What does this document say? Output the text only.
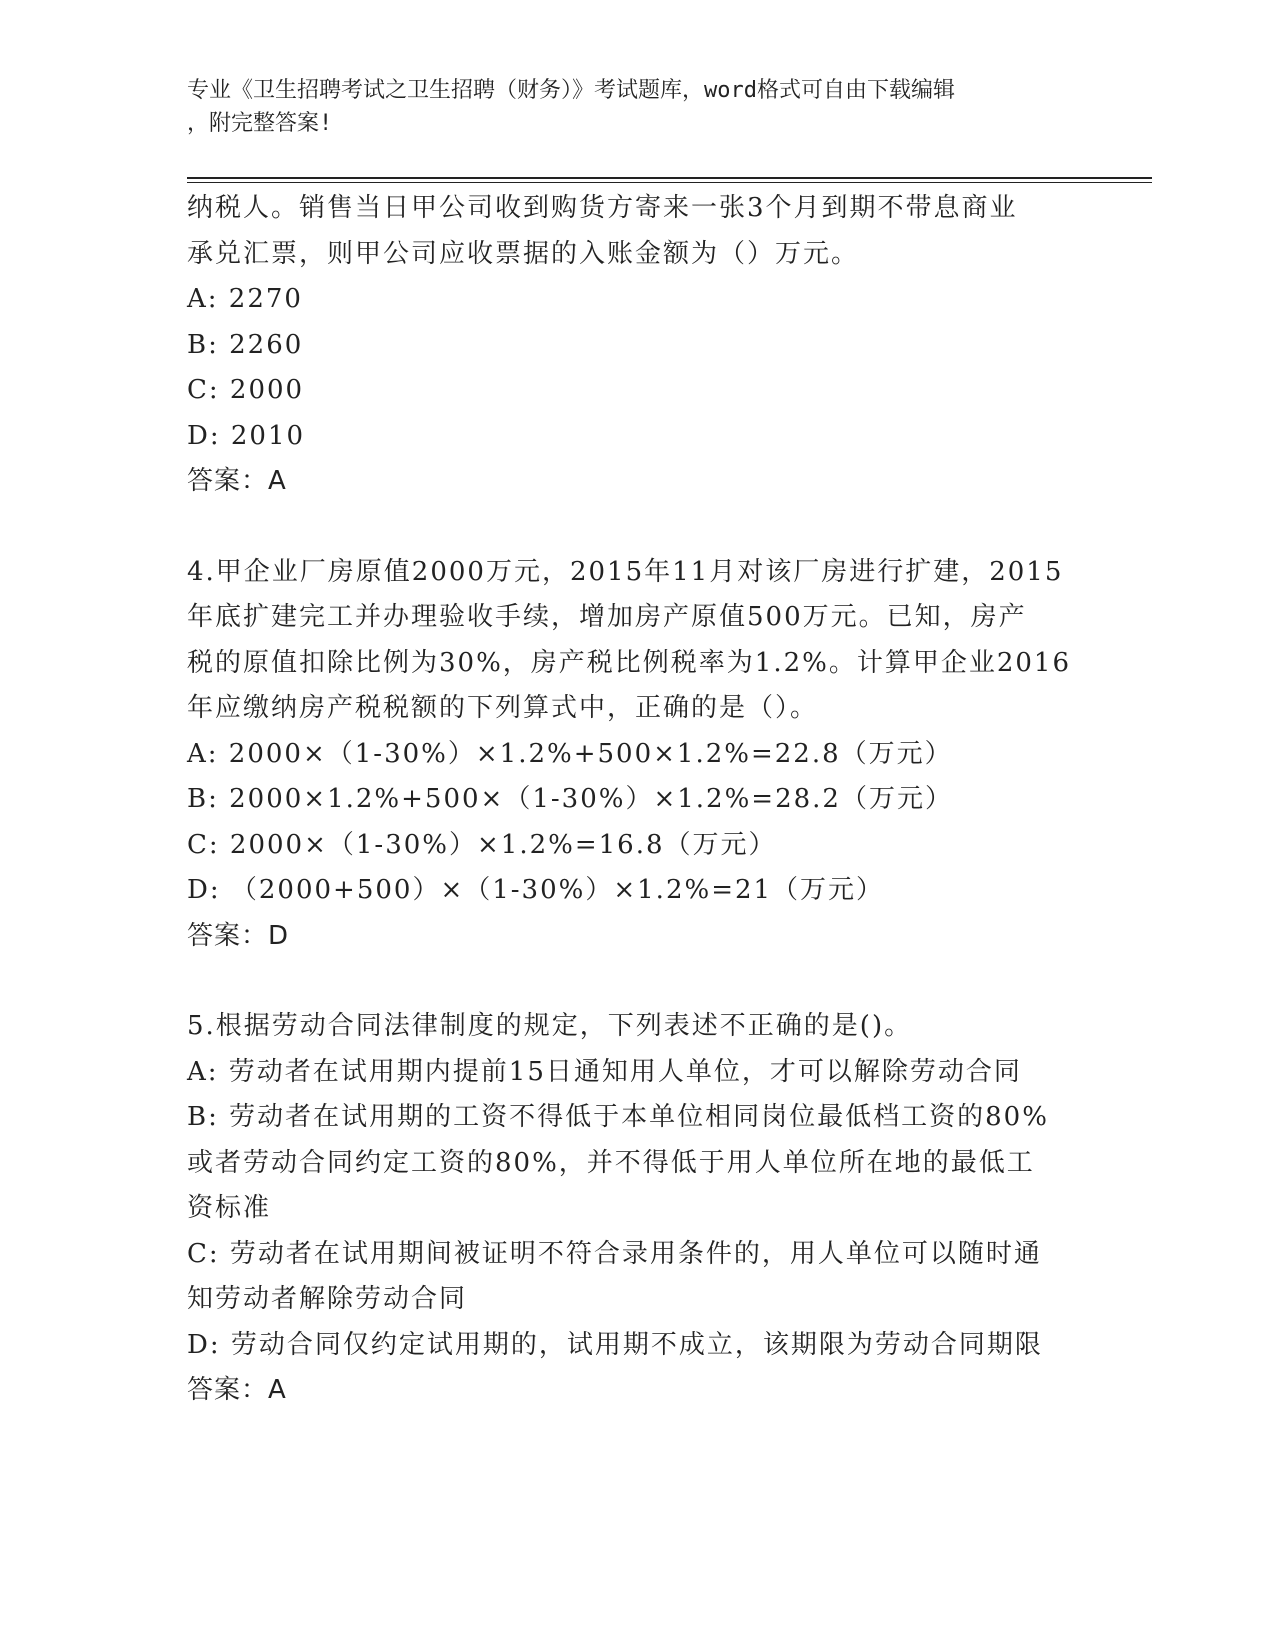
专业《卫生招聘考试之卫生招聘（财务）》考试题库，word格式可自由下载编辑
，附完整答案!
纳税人。销售当日甲公司收到购货方寄来一张3个月到期不带息商业
承兑汇票，则甲公司应收票据的入账金额为（）万元。
A: 2270
B: 2260
C: 2000
D: 2010
答案：A
4.甲企业厂房原值2000万元，2015年11月对该厂房进行扩建，2015
年底扩建完工并办理验收手续，增加房产原值500万元。已知，房产
税的原值扣除比例为30%，房产税比例税率为1.2%。计算甲企业2016
年应缴纳房产税税额的下列算式中，正确的是（）。
A: 2000×（1-30%）×1.2%+500×1.2%=22.8（万元）
B: 2000×1.2%+500×（1-30%）×1.2%=28.2（万元）
C: 2000×（1-30%）×1.2%=16.8（万元）
D: （2000+500）×（1-30%）×1.2%=21（万元）
答案：D
5.根据劳动合同法律制度的规定，下列表述不正确的是()。
A: 劳动者在试用期内提前15日通知用人单位，才可以解除劳动合同
B: 劳动者在试用期的工资不得低于本单位相同岗位最低档工资的80%
或者劳动合同约定工资的80%，并不得低于用人单位所在地的最低工
资标准
C: 劳动者在试用期间被证明不符合录用条件的，用人单位可以随时通
知劳动者解除劳动合同
D: 劳动合同仅约定试用期的，试用期不成立，该期限为劳动合同期限
答案：A
